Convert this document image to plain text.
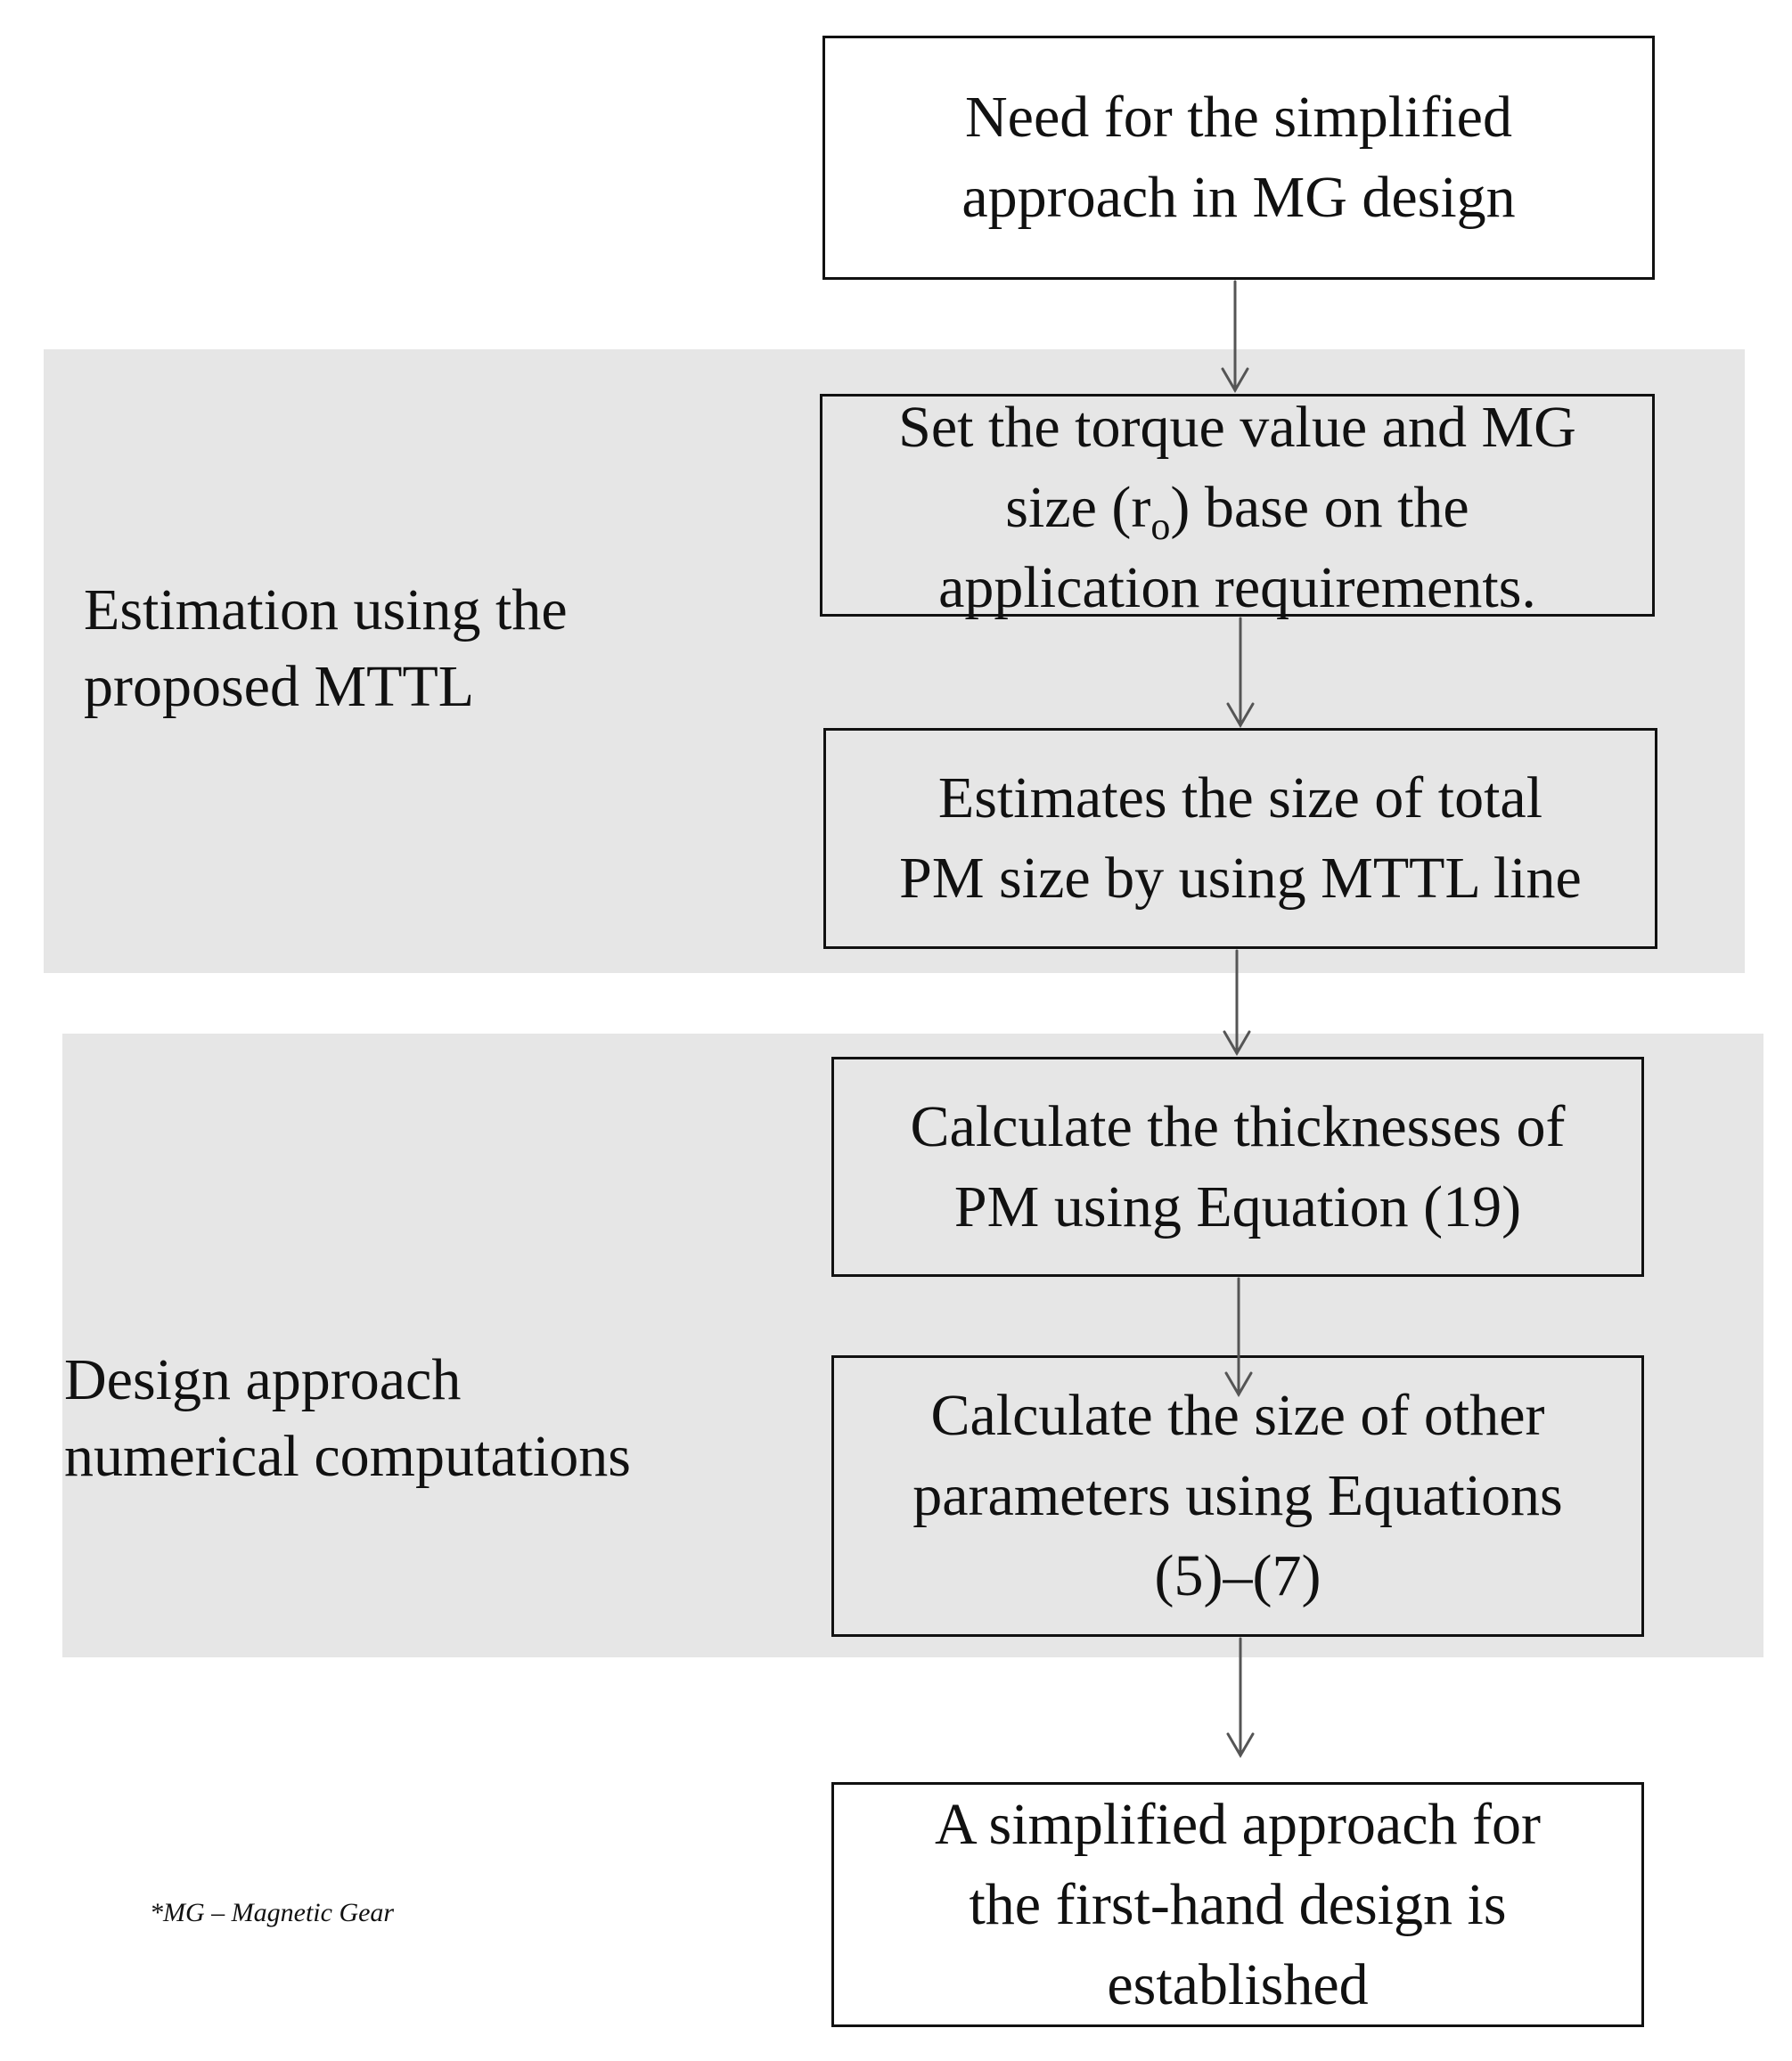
Estimation using the
proposed MTTL
Design approach
numerical computations
Need for the simplified
approach in MG design
Set the torque value and MG
size $(r_o)$ base on the
application requirements.
Estimates the size of total
PM size by using MTTL line
Calculate the thicknesses of
PM using Equation (19)
Calculate the size of other
parameters using Equations
(5)–(7)
A simplified approach for
the first-hand design is
established
*MG – Magnetic Gear
